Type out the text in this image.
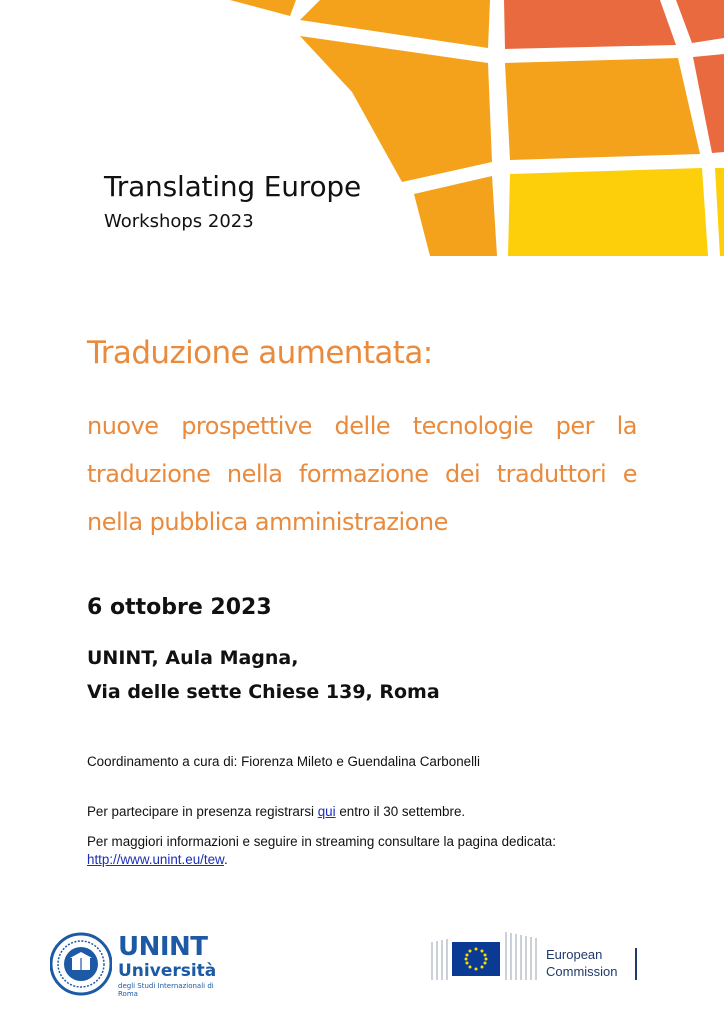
Translating Europe
Workshops 2023
Traduzione aumentata:
nuove prospettive delle tecnologie per la traduzione nella formazione dei traduttori e nella pubblica amministrazione
6 ottobre 2023
UNINT, Aula Magna,
Via delle sette Chiese 139, Roma
Coordinamento a cura di: Fiorenza Mileto e Guendalina Carbonelli
Per partecipare in presenza registrarsi qui entro il 30 settembre.
Per maggiori informazioni e seguire in streaming consultare la pagina dedicata: http://www.unint.eu/tew.
UNINT
Università
degli Studi Internazionali di Roma
European
Commission
